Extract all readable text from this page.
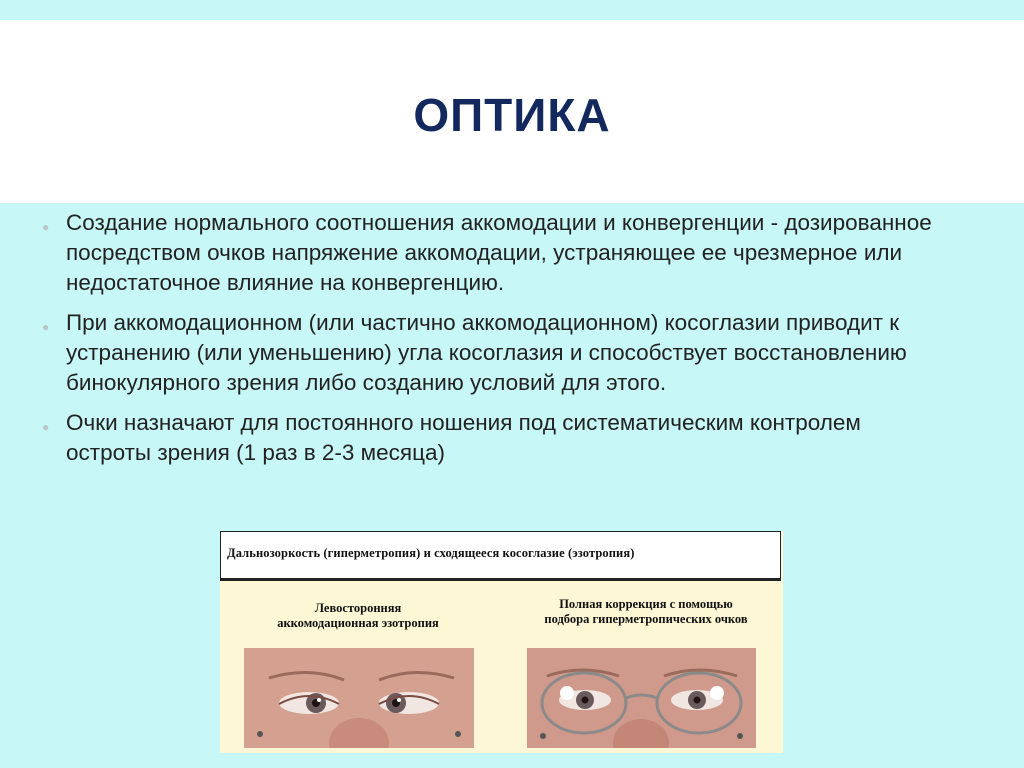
ОПТИКА
● Создание нормального соотношения аккомодации и конвергенции - дозированное посредством очков напряжение аккомодации, устраняющее ее чрезмерное или недостаточное влияние на конвергенцию.
● При аккомодационном (или частично аккомодационном) косоглазии приводит к устранению (или уменьшению) угла косоглазия и способствует восстановлению бинокулярного зрения либо созданию условий для этого.
● Очки назначают для постоянного ношения под систематическим контролем остроты зрения (1 раз в 2-3 месяца)
Дальнозоркость (гиперметропия) и сходящееся косоглазие (эзотропия)
Левосторонняя
аккомодационная эзотропия
Полная коррекция с помощью
подбора гиперметропических очков
